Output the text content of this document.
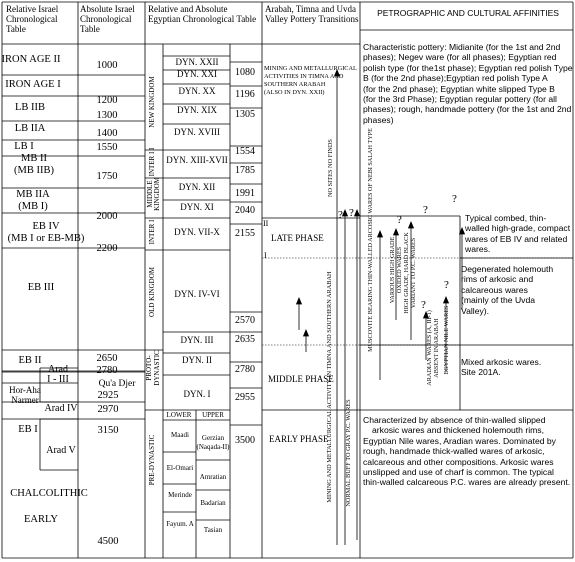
IRON AGE II
IRON AGE I
LB IIB
LB IIA
LB I
MB II (MB IIB)
MB IIA (MB I)
EB IV (MB I or EB-MB)
EB III
EB II
Arad I - III
Hor-Aha Narmer
Arad IV
EB I
Arad V
CHALCOLITHIC
EARLY
1000
1200
1300
1400
1550
1750
2000
2200
2650
2780
2925
2970
3150
4500
Qu'a Djer
NEW KINGDOM
INTER I I
MIDDLE KINGDOM
INTER I
OLD KINGDOM
PROTO- DYNASTIC
PRE-DYNASTIC
DYN. XXII
DYN. XXI
DYN. XX
DYN. XIX
DYN. XVIII
DYN. XIII-XVII
DYN. XII
DYN. XI
DYN. VII-X
DYN. IV-VI
DYN. III
DYN. II
DYN. I
1080
1196
1305
1554
1785
1991
2040
2155
2570
2635
2780
2955
3500
LOWER UPPER
Maadi
El-Omari
Merinde
Fayum. A
Gerzian (Naqada-II)
Amratian
Badarian
Tasian
MINING AND METALLURGICAL ACTIVITIES IN TIMNA AND SOUTHERN ARABAH (ALSO IN DYN. XXII)
NO SITES NO FINDS
II
I
LATE PHASE
MIDDLE PHASE
EARLY PHASE
MINING AND METALLURGICAL ACTIVITY IN TIMNA AND SOUTHERN ARABAH NORMAL BUFF TO GRAY P.C. WARES
? ? MUSCOVITE BEARING THIN-WALLED ARCOSIC WARES OF NEBI SALAH TYPE VARIOUS HIGH GRADE OXIDED WARES HIGH GRADE, HARD BLACK VARIANT TO P.C. WARES
ARADIAN WARES (A, III-1) ABSENT IN ARABAH EGYPTIAN NILE WARES
?
?
?
?
?
Relative Israel Chronological Table
Absolute Israel Chronological Table
Relative and Absolute Egyptian Chronological Table
Arabah, Timna and Uvda Valley Pottery Transitions
PETROGRAPHIC AND CULTURAL AFFINITIES
Characteristic pottery: Midianite (for the 1st and 2nd
phases); Negev ware (for all phases); Egyptian red
polish type (for the1st phase); Egyptian red polish Type
B (for the 2nd phase);Egyptian red polish Type A
(for the 2nd phase); Egyptian white slipped Type B
(for the 3rd Phase); Egyptian regular pottery (for all
phases); rough, handmade pottery (for the 1st and 2nd
phases)
Typical combed, thin-
walled high-grade, compact
wares of EB IV and related
wares.
Degenerated holemouth
rims of arkosic and
calcareous wares
(mainly of the Uvda
Valley).
Mixed arkosic wares.
Site 201A.
Characterized by absence of thin-walled slipped
arkosic wares and thickened holemouth rims,
Egyptian Nile wares, Aradian wares. Dominated by
rough, handmade thick-walled wares of arkosic,
calcareous and other compositions. Arkosic wares
unslipped and use of charf is common. The typical
thin-walled calcareous P.C. wares are already present.
